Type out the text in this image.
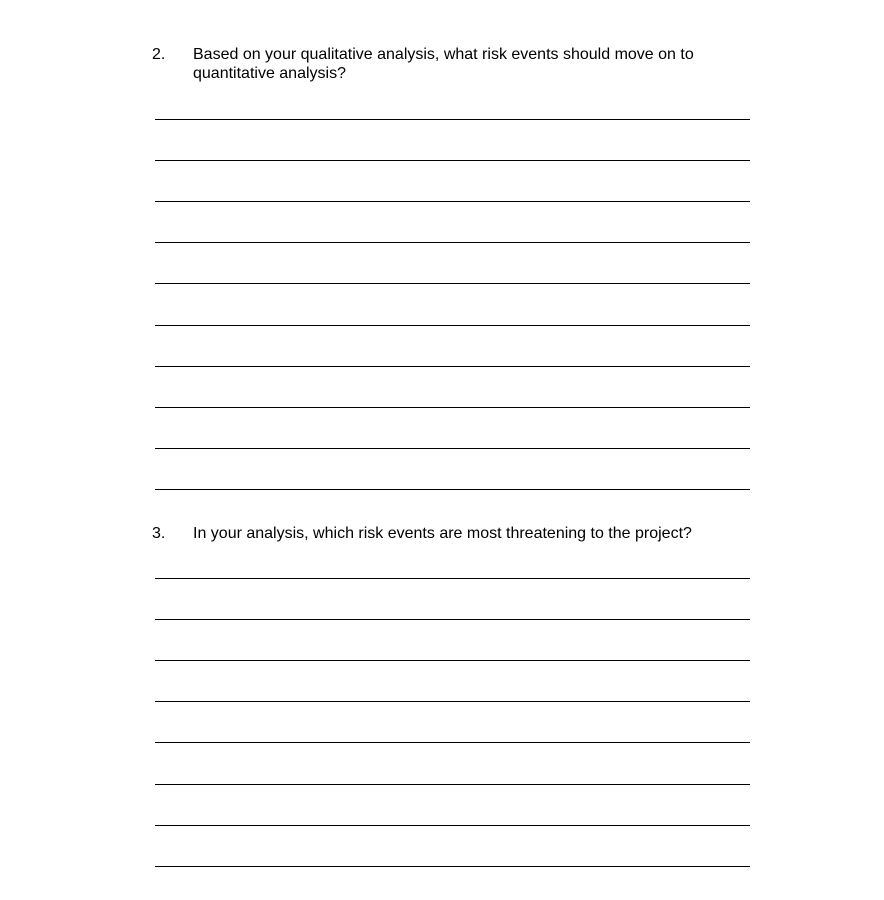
2. Based on your qualitative analysis, what risk events should move on to
quantitative analysis?
3. In your analysis, which risk events are most threatening to the project?
